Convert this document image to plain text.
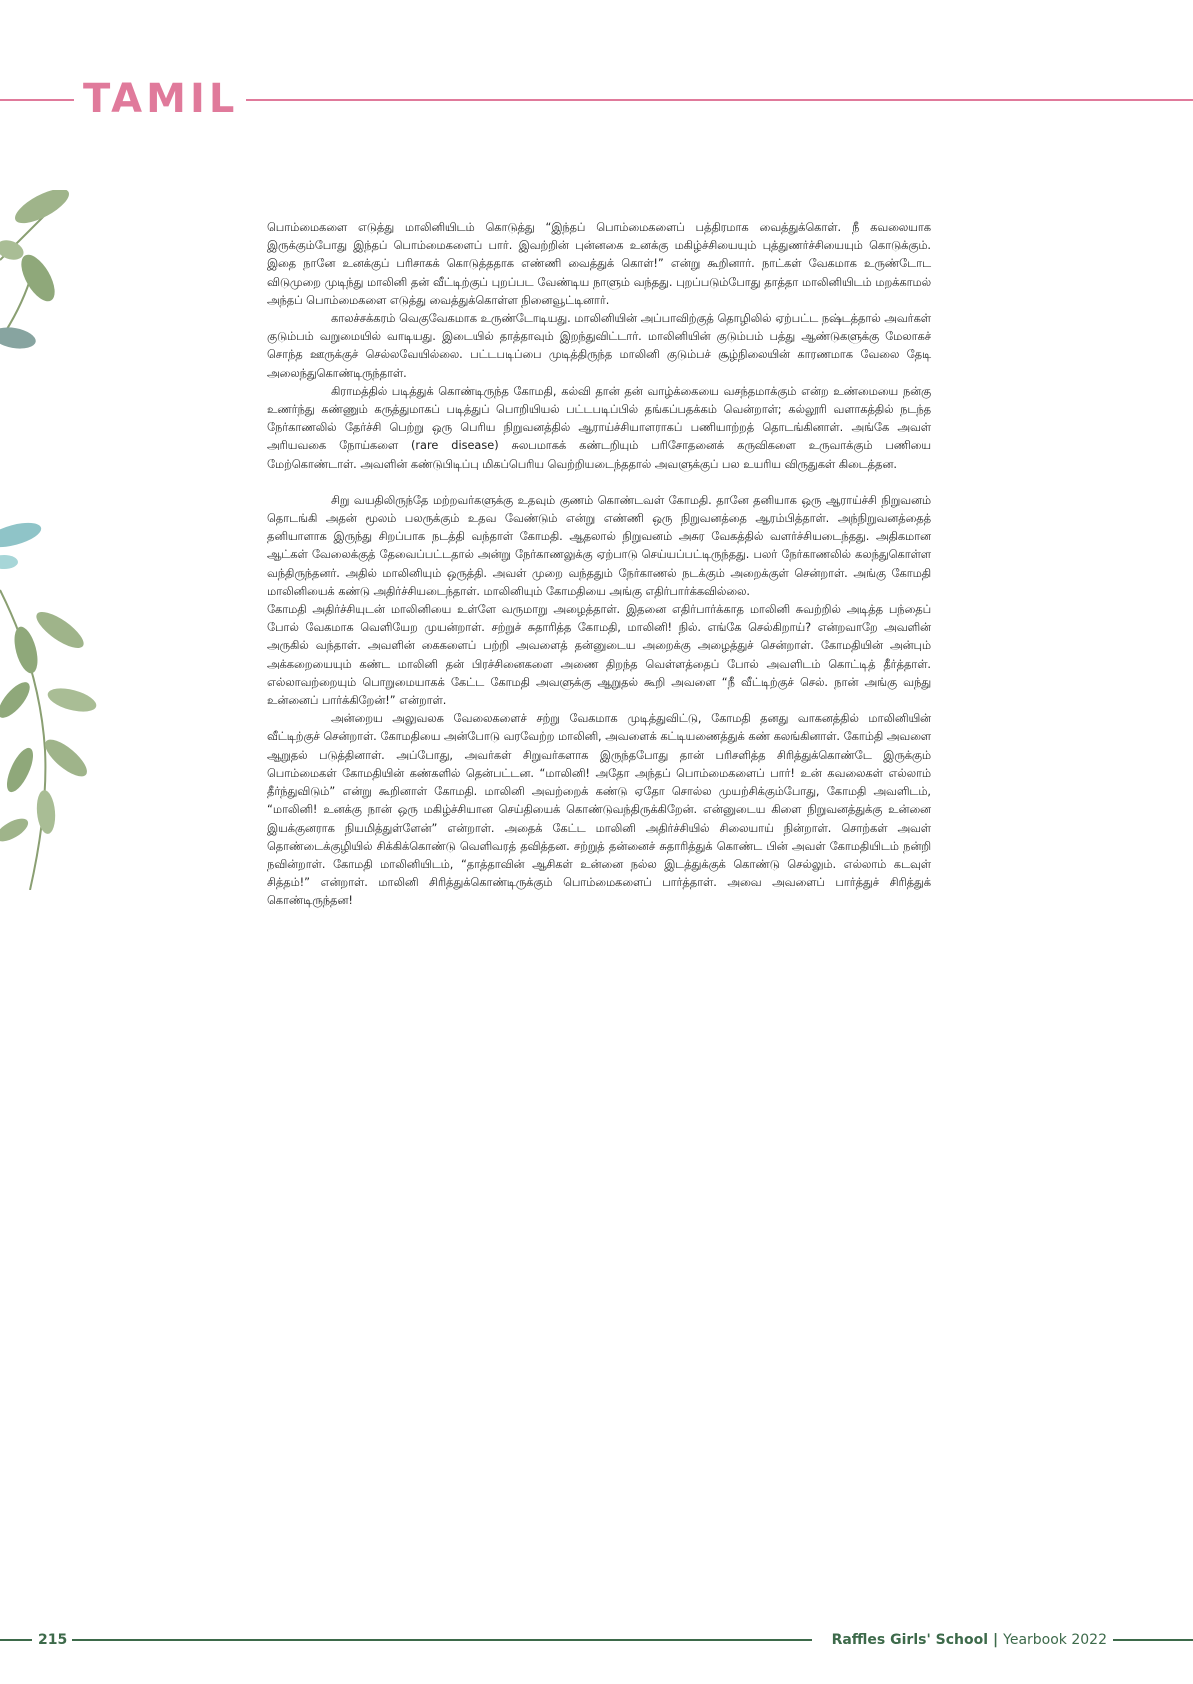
TAMIL

பொம்மைகளை எடுத்து மாலினியிடம் கொடுத்து “இந்தப் பொம்மைகளைப் பத்திரமாக வைத்துக்கொள். நீ கவலையாக இருக்கும்போது இந்தப் பொம்மைகளைப் பார். இவற்றின் புன்னகை உனக்கு மகிழ்ச்சியையும் புத்துணர்ச்சியையும் கொடுக்கும். இதை நானே உனக்குப் பரிசாகக் கொடுத்ததாக எண்ணி வைத்துக் கொள்!” என்று கூறினார். நாட்கள் வேகமாக உருண்டோட விடுமுறை முடிந்து மாலினி தன் வீட்டிற்குப் புறப்பட வேண்டிய நாளும் வந்தது. புறப்படும்போது தாத்தா மாலினியிடம் மறக்காமல் அந்தப் பொம்மைகளை எடுத்து வைத்துக்கொள்ள நினைவூட்டினார்.

காலச்சக்கரம் வெகுவேகமாக உருண்டோடியது. மாலினியின் அப்பாவிற்குத் தொழிலில் ஏற்பட்ட நஷ்டத்தால் அவர்கள் குடும்பம் வறுமையில் வாடியது. இடையில் தாத்தாவும் இறந்துவிட்டார். மாலினியின் குடும்பம் பத்து ஆண்டுகளுக்கு மேலாகச் சொந்த ஊருக்குச் செல்லவேயில்லை. பட்டபடிப்பை முடித்திருந்த மாலினி குடும்பச் சூழ்நிலையின் காரணமாக வேலை தேடி அலைந்துகொண்டிருந்தாள்.

கிராமத்தில் படித்துக் கொண்டிருந்த கோமதி, கல்வி தான் தன் வாழ்க்கையை வசந்தமாக்கும் என்ற உண்மையை நன்கு உணர்ந்து கண்ணும் கருத்துமாகப் படித்துப் பொறியியல் பட்டபடிப்பில் தங்கப்பதக்கம் வென்றாள்; கல்லூரி வளாகத்தில் நடந்த நேர்காணலில் தேர்ச்சி பெற்று ஒரு பெரிய நிறுவனத்தில் ஆராய்ச்சியாளராகப் பணியாற்றத் தொடங்கினாள். அங்கே அவள் அரியவகை நோய்களை (rare disease) சுலபமாகக் கண்டறியும் பரிசோதனைக் கருவிகளை உருவாக்கும் பணியை மேற்கொண்டாள். அவளின் கண்டுபிடிப்பு மிகப்பெரிய வெற்றியடைந்ததால் அவளுக்குப் பல உயரிய விருதுகள் கிடைத்தன.

சிறு வயதிலிருந்தே மற்றவர்களுக்கு உதவும் குணம் கொண்டவள் கோமதி. தானே தனியாக ஒரு ஆராய்ச்சி நிறுவனம் தொடங்கி அதன் மூலம் பலருக்கும் உதவ வேண்டும் என்று எண்ணி ஒரு நிறுவனத்தை ஆரம்பித்தாள். அந்நிறுவனத்தைத் தனியாளாக இருந்து சிறப்பாக நடத்தி வந்தாள் கோமதி. ஆதலால் நிறுவனம் அசுர வேகத்தில் வளர்ச்சியடைந்தது. அதிகமான ஆட்கள் வேலைக்குத் தேவைப்பட்டதால் அன்று நேர்காணலுக்கு ஏற்பாடு செய்யப்பட்டிருந்தது. பலர் நேர்காணலில் கலந்துகொள்ள வந்திருந்தனர். அதில் மாலினியும் ஒருத்தி. அவள் முறை வந்ததும் நேர்காணல் நடக்கும் அறைக்குள் சென்றாள். அங்கு கோமதி மாலினியைக் கண்டு அதிர்ச்சியடைந்தாள். மாலினியும் கோமதியை அங்கு எதிர்பார்க்கவில்லை.

கோமதி அதிர்ச்சியுடன் மாலினியை உள்ளே வருமாறு அழைத்தாள். இதனை எதிர்பார்க்காத மாலினி சுவற்றில் அடித்த பந்தைப் போல் வேகமாக வெளியேற முயன்றாள். சற்றுச் சுதாரித்த கோமதி, மாலினி! நில். எங்கே செல்கிறாய்? என்றவாறே அவளின் அருகில் வந்தாள். அவளின் கைகளைப் பற்றி அவளைத் தன்னுடைய அறைக்கு அழைத்துச் சென்றாள். கோமதியின் அன்பும் அக்கறையையும் கண்ட மாலினி தன் பிரச்சினைகளை அணை திறந்த வெள்ளத்தைப் போல் அவளிடம் கொட்டித் தீர்த்தாள். எல்லாவற்றையும் பொறுமையாகக் கேட்ட கோமதி அவளுக்கு ஆறுதல் கூறி அவளை “நீ வீட்டிற்குச் செல். நான் அங்கு வந்து உன்னைப் பார்க்கிறேன்!” என்றாள்.

அன்றைய அலுவலக வேலைகளைச் சற்று வேகமாக முடித்துவிட்டு, கோமதி தனது வாகனத்தில் மாலினியின் வீட்டிற்குச் சென்றாள். கோமதியை அன்போடு வரவேற்ற மாலினி, அவளைக் கட்டியணைத்துக் கண் கலங்கினாள். கோம்தி அவளை ஆறுதல் படுத்தினாள். அப்போது, அவர்கள் சிறுவர்களாக இருந்தபோது தான் பரிசளித்த சிரித்துக்கொண்டே இருக்கும் பொம்மைகள் கோமதியின் கண்களில் தென்பட்டன. “மாலினி! அதோ அந்தப் பொம்மைகளைப் பார்! உன் கவலைகள் எல்லாம் தீர்ந்துவிடும்” என்று கூறினாள் கோமதி. மாலினி அவற்றைக் கண்டு ஏதோ சொல்ல முயற்சிக்கும்போது, கோமதி அவளிடம், “மாலினி! உனக்கு நான் ஒரு மகிழ்ச்சியான செய்தியைக் கொண்டுவந்திருக்கிறேன். என்னுடைய கிளை நிறுவனத்துக்கு உன்னை இயக்குனராக நியமித்துள்ளேன்” என்றாள். அதைக் கேட்ட மாலினி அதிர்ச்சியில் சிலையாய் நின்றாள். சொற்கள் அவள் தொண்டைக்குழியில் சிக்கிக்கொண்டு வெளிவரத் தவித்தன. சற்றுத் தன்னைச் சுதாரித்துக் கொண்ட பின் அவள் கோமதியிடம் நன்றி நவின்றாள். கோமதி மாலினியிடம், “தாத்தாவின் ஆசிகள் உன்னை நல்ல இடத்துக்குக் கொண்டு செல்லும். எல்லாம் கடவுள் சித்தம்!” என்றாள். மாலினி சிரித்துக்கொண்டிருக்கும் பொம்மைகளைப் பார்த்தாள். அவை அவளைப் பார்த்துச் சிரித்துக் கொண்டிருந்தன!

215	Raffles Girls' School | Yearbook 2022
